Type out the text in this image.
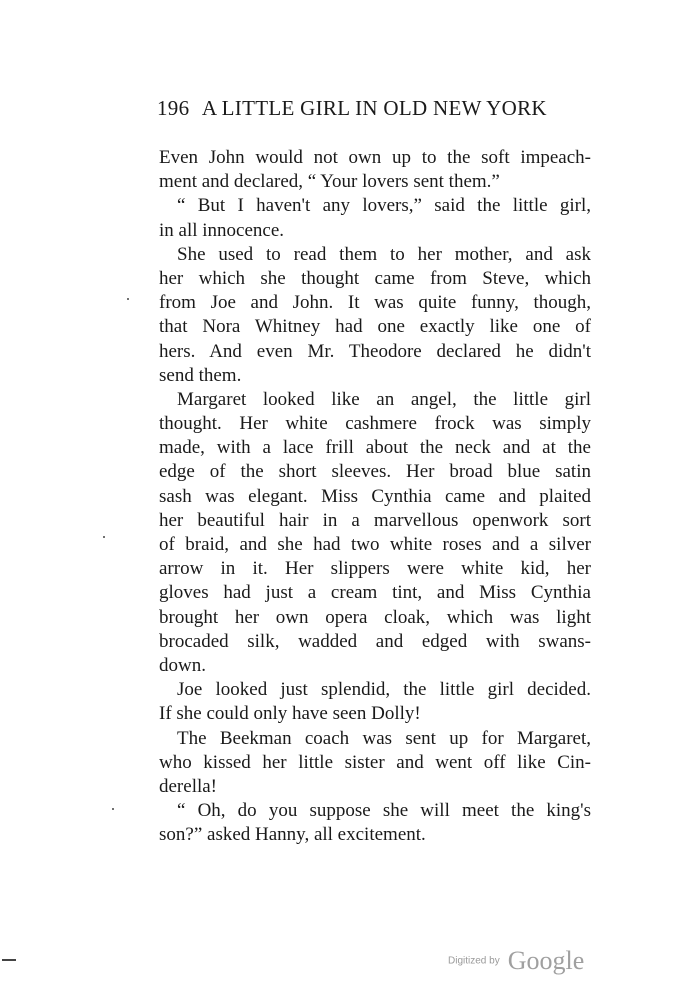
196 A LITTLE GIRL IN OLD NEW YORK
Even John would not own up to the soft impeach-
ment and declared, “ Your lovers sent them.”
“ But I haven't any lovers,” said the little girl,
in all innocence.
She used to read them to her mother, and ask
her which she thought came from Steve, which
from Joe and John. It was quite funny, though,
that Nora Whitney had one exactly like one of
hers. And even Mr. Theodore declared he didn't
send them.
Margaret looked like an angel, the little girl
thought. Her white cashmere frock was simply
made, with a lace frill about the neck and at the
edge of the short sleeves. Her broad blue satin
sash was elegant. Miss Cynthia came and plaited
her beautiful hair in a marvellous openwork sort
of braid, and she had two white roses and a silver
arrow in it. Her slippers were white kid, her
gloves had just a cream tint, and Miss Cynthia
brought her own opera cloak, which was light
brocaded silk, wadded and edged with swans-
down.
Joe looked just splendid, the little girl decided.
If she could only have seen Dolly!
The Beekman coach was sent up for Margaret,
who kissed her little sister and went off like Cin-
derella!
“ Oh, do you suppose she will meet the king's
son?” asked Hanny, all excitement.
Digitized by Google
